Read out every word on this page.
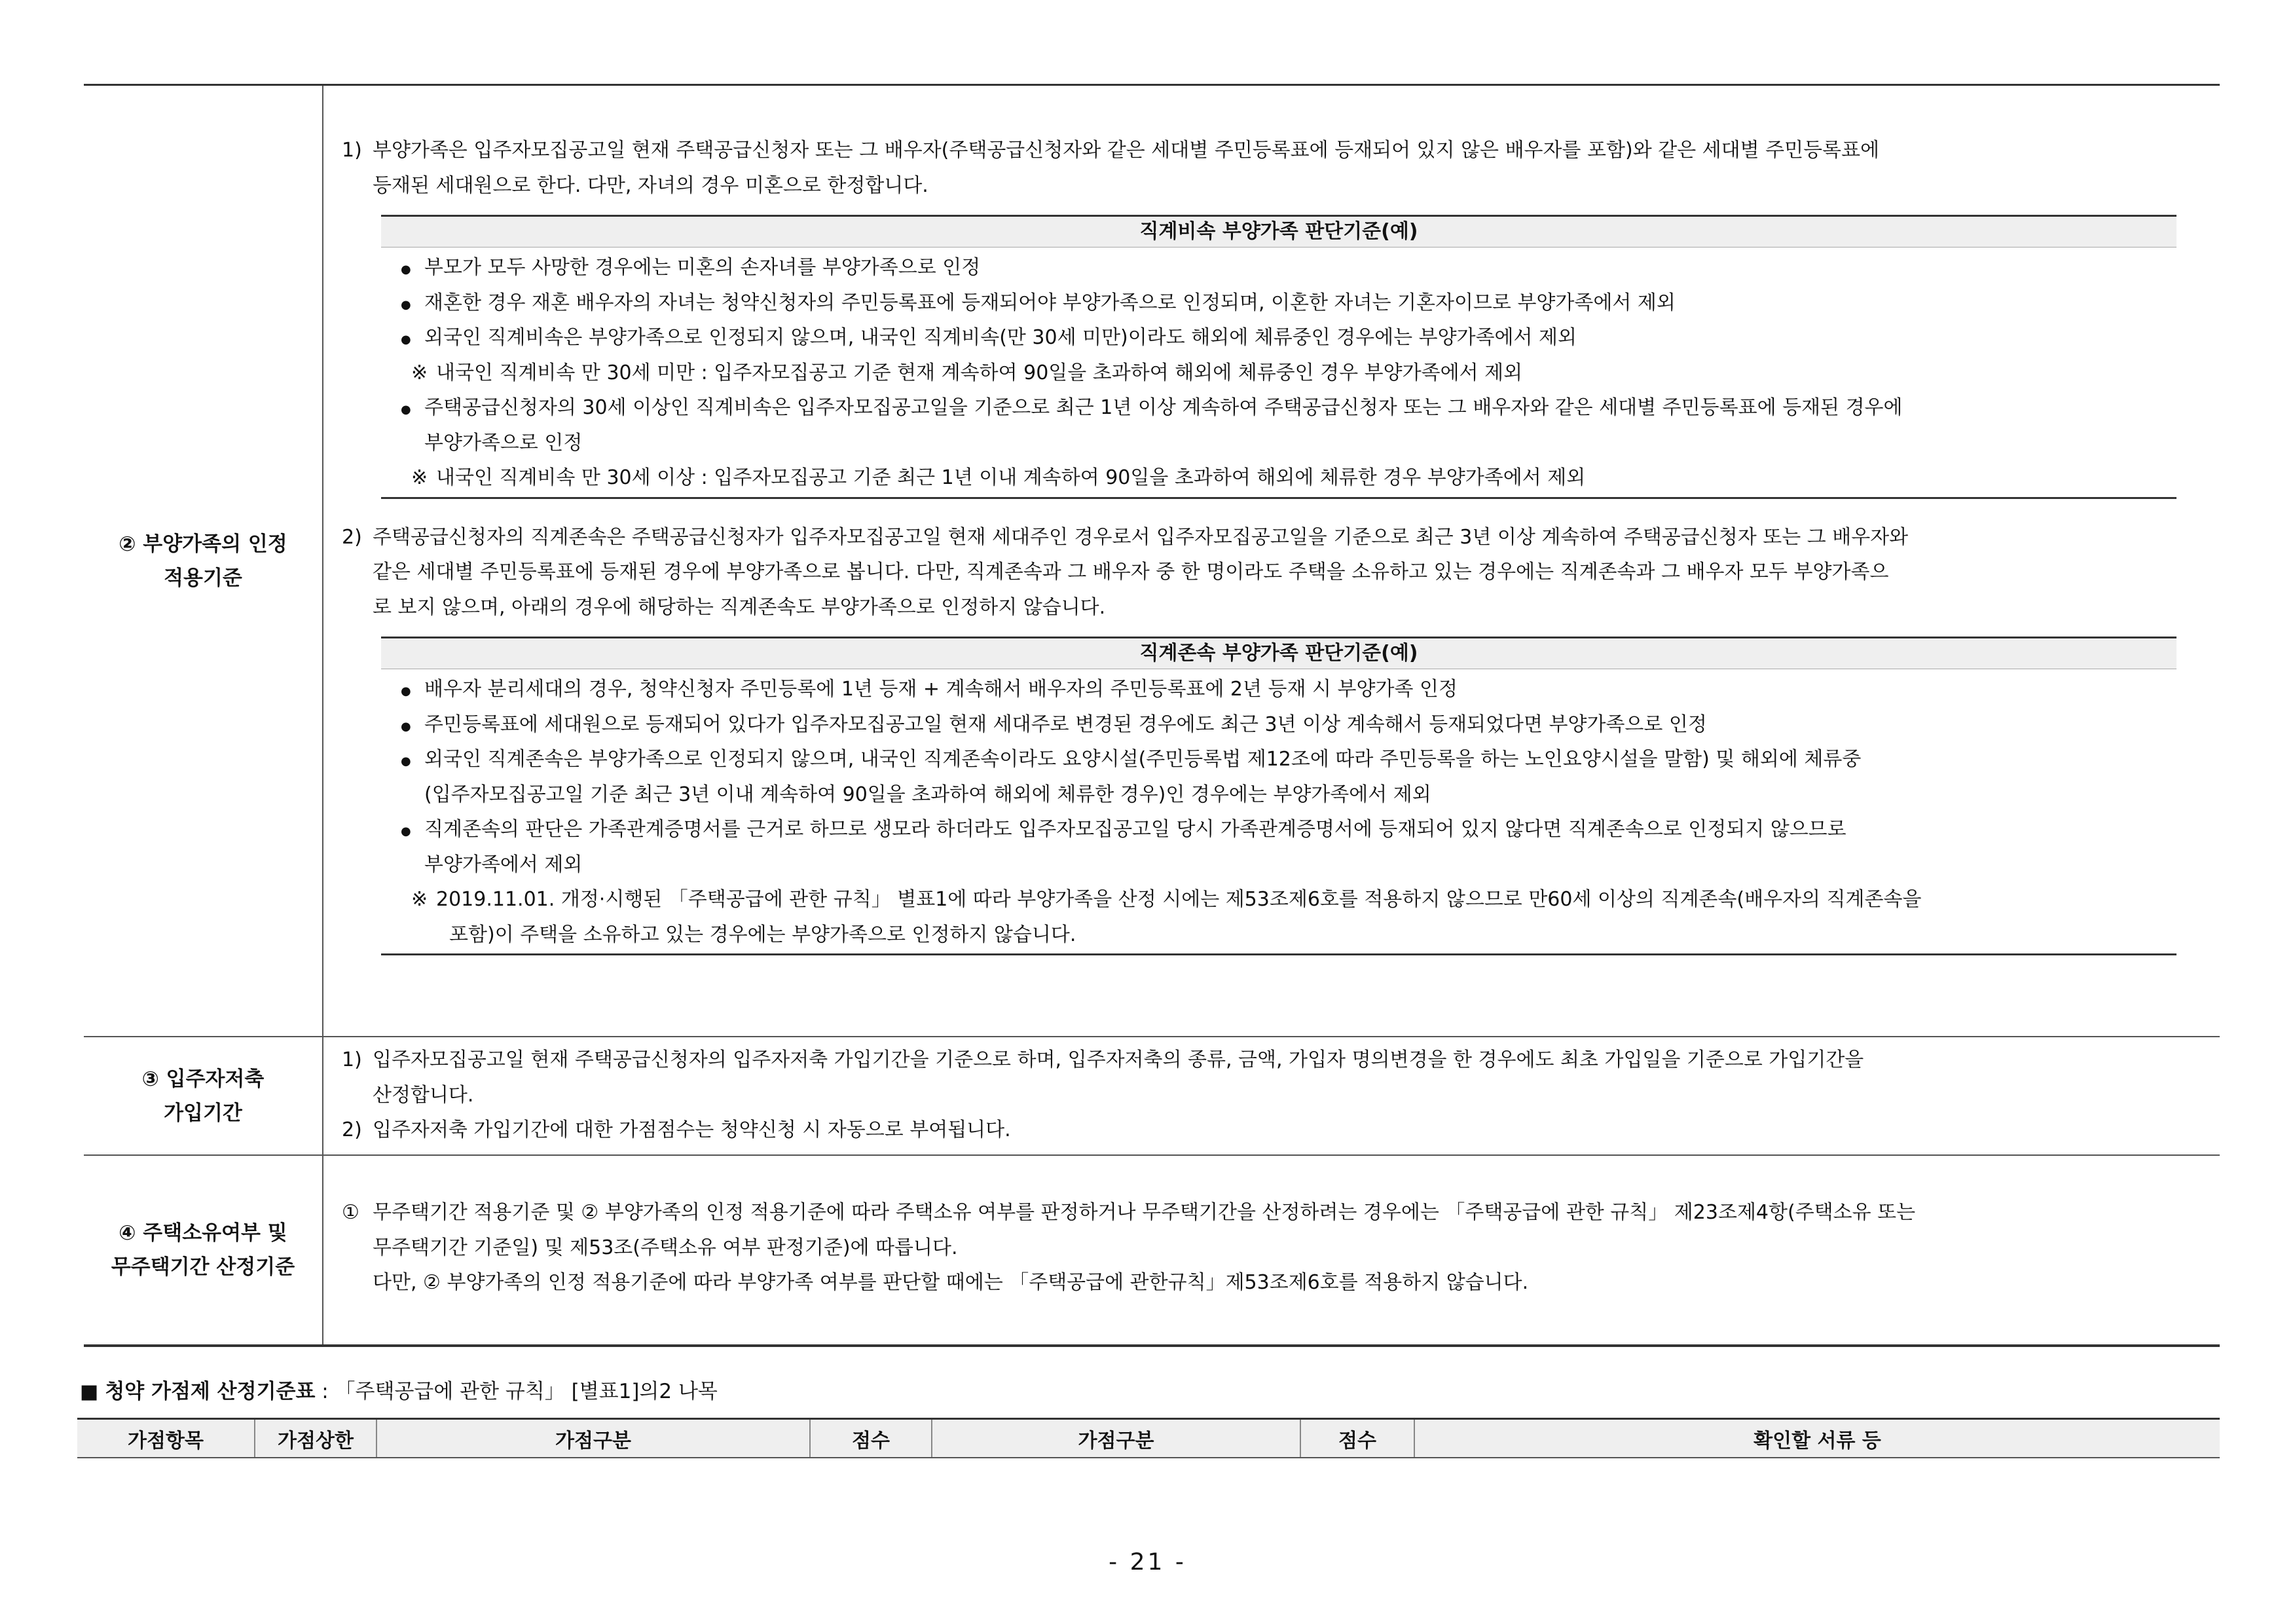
② 부양가족의 인정
적용기준
1) 부양가족은 입주자모집공고일 현재 주택공급신청자 또는 그 배우자(주택공급신청자와 같은 세대별 주민등록표에 등재되어 있지 않은 배우자를 포함)와 같은 세대별 주민등록표에

등재된 세대원으로 한다. 다만, 자녀의 경우 미혼으로 한정합니다.

직계비속 부양가족 판단기준(예)

● 부모가 모두 사망한 경우에는 미혼의 손자녀를 부양가족으로 인정

● 재혼한 경우 재혼 배우자의 자녀는 청약신청자의 주민등록표에 등재되어야 부양가족으로 인정되며, 이혼한 자녀는 기혼자이므로 부양가족에서 제외

● 외국인 직계비속은 부양가족으로 인정되지 않으며, 내국인 직계비속(만 30세 미만)이라도 해외에 체류중인 경우에는 부양가족에서 제외

※ 내국인 직계비속 만 30세 미만 : 입주자모집공고 기준 현재 계속하여 90일을 초과하여 해외에 체류중인 경우 부양가족에서 제외

● 주택공급신청자의 30세 이상인 직계비속은 입주자모집공고일을 기준으로 최근 1년 이상 계속하여 주택공급신청자 또는 그 배우자와 같은 세대별 주민등록표에 등재된 경우에

부양가족으로 인정

※ 내국인 직계비속 만 30세 이상 : 입주자모집공고 기준 최근 1년 이내 계속하여 90일을 초과하여 해외에 체류한 경우 부양가족에서 제외

2) 주택공급신청자의 직계존속은 주택공급신청자가 입주자모집공고일 현재 세대주인 경우로서 입주자모집공고일을 기준으로 최근 3년 이상 계속하여 주택공급신청자 또는 그 배우자와

같은 세대별 주민등록표에 등재된 경우에 부양가족으로 봅니다. 다만, 직계존속과 그 배우자 중 한 명이라도 주택을 소유하고 있는 경우에는 직계존속과 그 배우자 모두 부양가족으

로 보지 않으며, 아래의 경우에 해당하는 직계존속도 부양가족으로 인정하지 않습니다.

직계존속 부양가족 판단기준(예)

● 배우자 분리세대의 경우, 청약신청자 주민등록에 1년 등재 + 계속해서 배우자의 주민등록표에 2년 등재 시 부양가족 인정

● 주민등록표에 세대원으로 등재되어 있다가 입주자모집공고일 현재 세대주로 변경된 경우에도 최근 3년 이상 계속해서 등재되었다면 부양가족으로 인정

● 외국인 직계존속은 부양가족으로 인정되지 않으며, 내국인 직계존속이라도 요양시설(주민등록법 제12조에 따라 주민등록을 하는 노인요양시설을 말함) 및 해외에 체류중

(입주자모집공고일 기준 최근 3년 이내 계속하여 90일을 초과하여 해외에 체류한 경우)인 경우에는 부양가족에서 제외

● 직계존속의 판단은 가족관계증명서를 근거로 하므로 생모라 하더라도 입주자모집공고일 당시 가족관계증명서에 등재되어 있지 않다면 직계존속으로 인정되지 않으므로

부양가족에서 제외

※ 2019.11.01. 개정·시행된 「주택공급에 관한 규칙」 별표1에 따라 부양가족을 산정 시에는 제53조제6호를 적용하지 않으므로 만60세 이상의 직계존속(배우자의 직계존속을

포함)이 주택을 소유하고 있는 경우에는 부양가족으로 인정하지 않습니다.

③ 입주자저축
가입기간
1) 입주자모집공고일 현재 주택공급신청자의 입주자저축 가입기간을 기준으로 하며, 입주자저축의 종류, 금액, 가입자 명의변경을 한 경우에도 최초 가입일을 기준으로 가입기간을

산정합니다.

2) 입주자저축 가입기간에 대한 가점점수는 청약신청 시 자동으로 부여됩니다.

④ 주택소유여부 및
무주택기간 산정기준
① 무주택기간 적용기준 및 ② 부양가족의 인정 적용기준에 따라 주택소유 여부를 판정하거나 무주택기간을 산정하려는 경우에는 「주택공급에 관한 규칙」 제23조제4항(주택소유 또는

무주택기간 기준일) 및 제53조(주택소유 여부 판정기준)에 따릅니다.

다만, ② 부양가족의 인정 적용기준에 따라 부양가족 여부를 판단할 때에는 「주택공급에 관한규칙」제53조제6호를 적용하지 않습니다.

■ 청약 가점제 산정기준표 : 「주택공급에 관한 규칙」 [별표1]의2 나목
가점항목	가점상한	가점구분	점수	가점구분	점수	확인할 서류 등
- 21 -
